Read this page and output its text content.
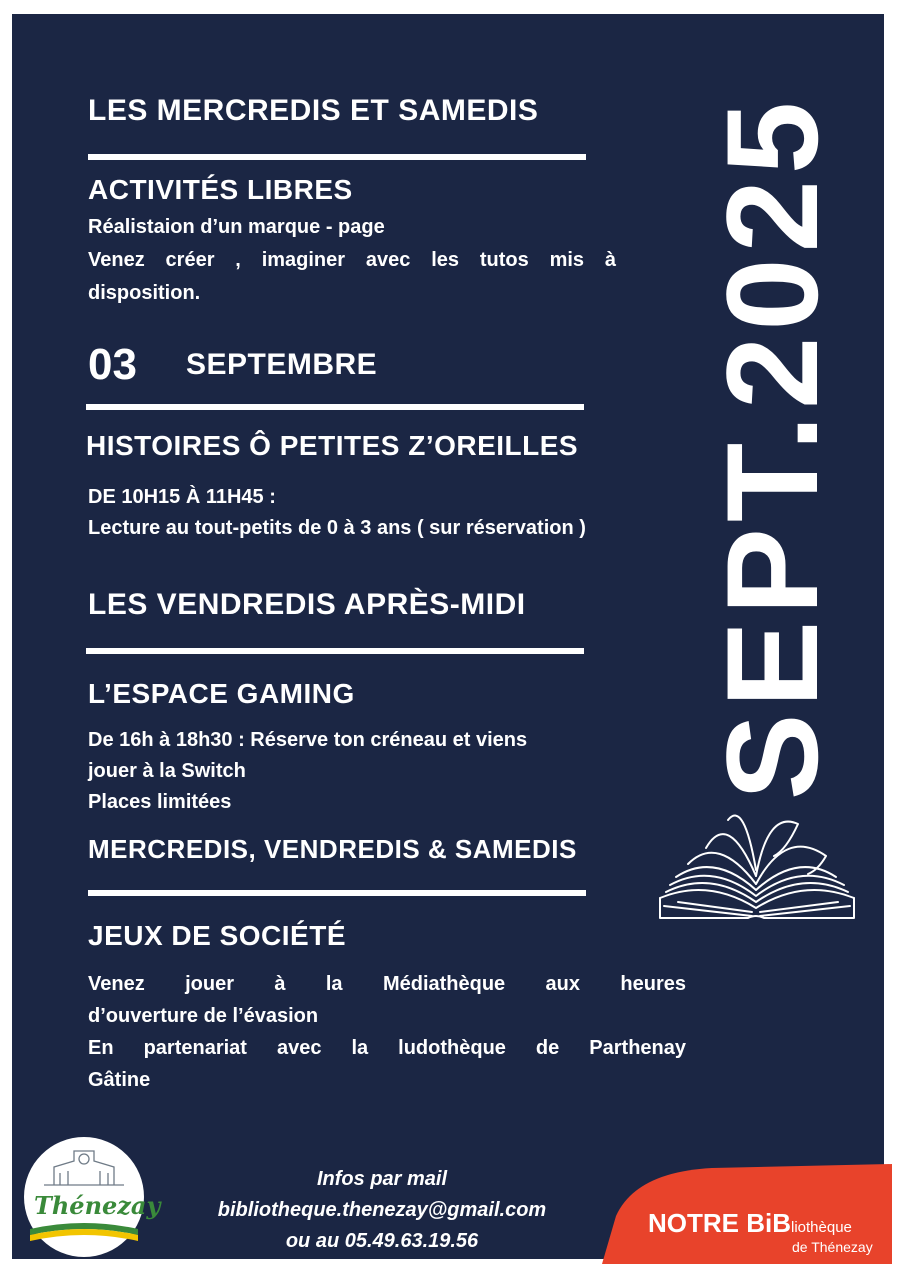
SEPT.2025
LES MERCREDIS ET SAMEDIS
ACTIVITÉS LIBRES
Réalistaion d’un marque - page
Venez créer , imaginer avec les tutos mis à
disposition.
03 SEPTEMBRE
HISTOIRES Ô PETITES Z’OREILLES
DE 10H15 À 11H45 :
Lecture au tout-petits de 0 à 3 ans ( sur réservation )
LES VENDREDIS APRÈS-MIDI
L’ESPACE GAMING
De 16h à 18h30 : Réserve ton créneau et viens
jouer à la Switch
Places limitées
MERCREDIS, VENDREDIS & SAMEDIS
JEUX DE SOCIÉTÉ
Venez jouer à la Médiathèque aux heures
d’ouverture de l’évasion
En partenariat avec la ludothèque de Parthenay
Gâtine
Thénezay
Infos par mail
bibliotheque.thenezay@gmail.com
ou au 05.49.63.19.56
NOTRE BiBliothèque
de Thénezay
